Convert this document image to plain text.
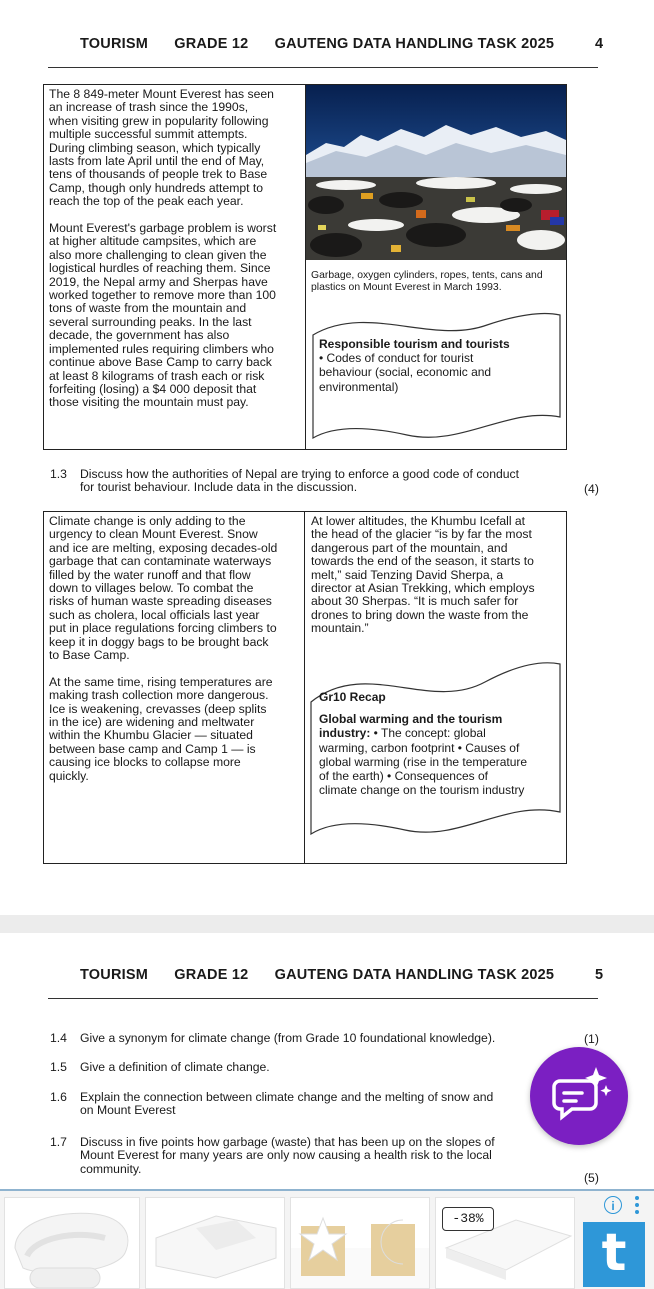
TOURISM GRADE 12 GAUTENG DATA HANDLING TASK 2025	4
The 8 849-meter Mount Everest has seen
an increase of trash since the 1990s,
when visiting grew in popularity following
multiple successful summit attempts.
During climbing season, which typically
lasts from late April until the end of May,
tens of thousands of people trek to Base
Camp, though only hundreds attempt to
reach the top of the peak each year.
Mount Everest's garbage problem is worst
at higher altitude campsites, which are
also more challenging to clean given the
logistical hurdles of reaching them. Since
2019, the Nepal army and Sherpas have
worked together to remove more than 100
tons of waste from the mountain and
several surrounding peaks. In the last
decade, the government has also
implemented rules requiring climbers who
continue above Base Camp to carry back
at least 8 kilograms of trash each or risk
forfeiting (losing) a $4 000 deposit that
those visiting the mountain must pay.
Garbage, oxygen cylinders, ropes, tents, cans and
plastics on Mount Everest in March 1993.
Responsible tourism and tourists
• Codes of conduct for tourist
behaviour (social, economic and
environmental)
1.3 Discuss how the authorities of Nepal are trying to enforce a good code of conduct
for tourist behaviour. Include data in the discussion.	(4)
Climate change is only adding to the
urgency to clean Mount Everest. Snow
and ice are melting, exposing decades-old
garbage that can contaminate waterways
filled by the water runoff and that flow
down to villages below. To combat the
risks of human waste spreading diseases
such as cholera, local officials last year
put in place regulations forcing climbers to
keep it in doggy bags to be brought back
to Base Camp.
At the same time, rising temperatures are
making trash collection more dangerous.
Ice is weakening, crevasses (deep splits
in the ice) are widening and meltwater
within the Khumbu Glacier — situated
between base camp and Camp 1 — is
causing ice blocks to collapse more
quickly.
At lower altitudes, the Khumbu Icefall at
the head of the glacier “is by far the most
dangerous part of the mountain, and
towards the end of the season, it starts to
melt,” said Tenzing David Sherpa, a
director at Asian Trekking, which employs
about 30 Sherpas. “It is much safer for
drones to bring down the waste from the
mountain.”
Gr10 Recap
Global warming and the tourism
industry: • The concept: global
warming, carbon footprint • Causes of
global warming (rise in the temperature
of the earth) • Consequences of
climate change on the tourism industry
TOURISM GRADE 12 GAUTENG DATA HANDLING TASK 2025	5
1.4 Give a synonym for climate change (from Grade 10 foundational knowledge).	(1)
1.5 Give a definition of climate change.
1.6 Explain the connection between climate change and the melting of snow and
on Mount Everest
1.7 Discuss in five points how garbage (waste) that has been up on the slopes of
Mount Everest for many years are only now causing a health risk to the local
community.
(5)
-38%
i
t
